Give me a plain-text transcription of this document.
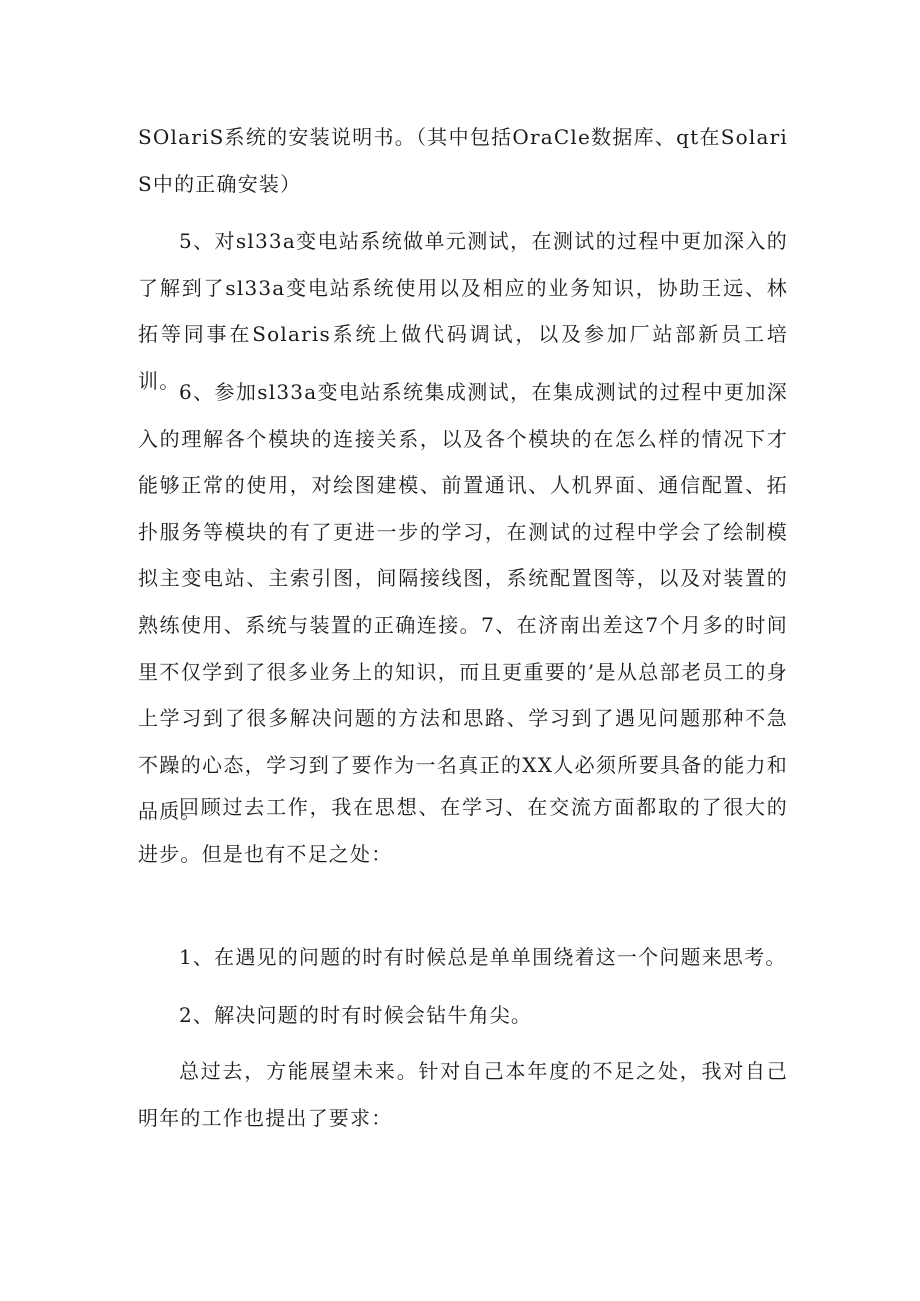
SOlariS系统的安装说明书。（其中包括OraCle数据库、qt在SolariS中的正确安装）

5、对sl33a变电站系统做单元测试，在测试的过程中更加深入的了解到了sl33a变电站系统使用以及相应的业务知识，协助王远、林拓等同事在Solaris系统上做代码调试，以及参加厂站部新员工培训。

6、参加sl33a变电站系统集成测试，在集成测试的过程中更加深入的理解各个模块的连接关系，以及各个模块的在怎么样的情况下才能够正常的使用，对绘图建模、前置通讯、人机界面、通信配置、拓扑服务等模块的有了更进一步的学习，在测试的过程中学会了绘制模拟主变电站、主索引图，间隔接线图，系统配置图等，以及对装置的熟练使用、系统与装置的正确连接。7、在济南出差这7个月多的时间里不仅学到了很多业务上的知识，而且更重要的’是从总部老员工的身上学习到了很多解决问题的方法和思路、学习到了遇见问题那种不急不躁的心态，学习到了要作为一名真正的XX人必须所要具备的能力和品质。

回顾过去工作，我在思想、在学习、在交流方面都取的了很大的进步。但是也有不足之处：

1、在遇见的问题的时有时候总是单单围绕着这一个问题来思考。

2、解决问题的时有时候会钻牛角尖。

总过去，方能展望未来。针对自己本年度的不足之处，我对自己明年的工作也提出了要求：
